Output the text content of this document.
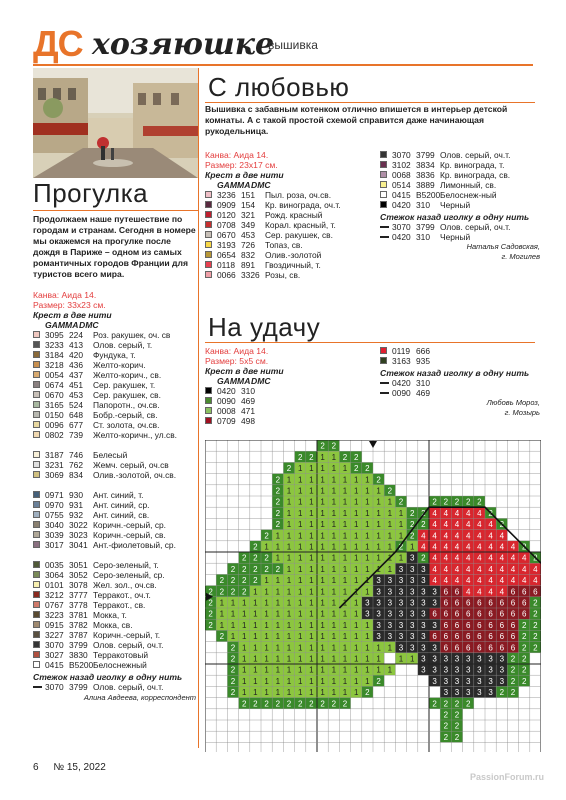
ДС хозяюшке
вышивка
Прогулка
Продолжаем наше путешествие по городам и странам. Сегодня в номере мы окажемся на прогулке после дождя в Париже – одном из самых романтичных городов Франции для туристов всего мира.
Канва: Аида 14.
Размер: 33х23 см.
Крест в две нити
GAMMA DMC
3095 224	Роз. ракушек, оч. св
3233 413	Олов. серый, т.
3184 420	Фундука, т.
3218 436	Желто-корич.
0054 437	Желто-корич., св.
0674 451	Сер. ракушек, т.
0670 453	Сер. ракушек, св.
3165 524	Папоротн., оч.св.
0150 648	Бобр.-серый, св.
0096 677	Ст. золота, оч.св.
0802 739	Желто-коричн., ул.св.
3187 746	Белесый
3231 762	Жемч. серый, оч.св
3069 834	Олив.-золотой, оч.св.
0971 930	Ант. синий, т.
0970 931	Ант. синий, ср.
0755 932	Ант. синий, св.
3040 3022 Коричн.-серый, ср.
3039 3023 Коричн.-серый, св.
3017 3041 Ант.-фиолетовый, ср.
0035 3051 Серо-зеленый, т.
3064 3052 Серо-зеленый, ср.
0101 3078 Жел. зол., оч.св.
3212 3777 Терракот., оч.т.
0767 3778 Терракот., св.
3223 3781 Мокка, т.
0915 3782 Мокка, св.
3227 3787 Коричн.-серый, т.
3070 3799 Олов. серый, оч.т.
3027 3830 Терракотовый
0415 B5200 Белоснежный
Стежок назад иголку в одну нить
3070 3799 Олов. серый, оч.т.
Алина Авдеева, корреспондент
С любовью
Вышивка с забавным котенком отлично впишется в интерьер детской комнаты. А с такой простой схемой справится даже начинающая рукодельница.
Канва: Аида 14.
Размер: 23х17 см.
Крест в две нити
GAMMA DMC
3236 151	Пыл. роза, оч.св.
0909 154	Кр. винограда, оч.т.
0120 321	Рожд. красный
0708 349	Корал. красный, т.
0670 453	Сер. ракушек, св.
3193 726	Топаз, св.
0654 832	Олив.-золотой
0118 891	Гвоздичный, т.
0066 3326 Розы, св.
3070 3799 Олов. серый, оч.т.
3102 3834 Кр. винограда, т.
0068 3836 Кр. винограда, св.
0514 3889 Лимонный, св.
0415 B5200 Белоснеж-ный
0420 310	Черный
Стежок назад иголку в одну нить
3070 3799 Олов. серый, оч.т.
0420 310	Черный
Наталья Садовская,
г. Могилев
На удачу
Канва: Аида 14.
Размер: 5х5 см.
Крест в две нити
GAMMA DMC
0420 310
0090 469
0008 471
0709 498
0119 666
3163 935
Стежок назад иголку в одну нить
0420 310
0090 469
Любовь Мороз,
г. Мозырь
2 2
2 2 1 1 2 2
2 1 1 1 1 1 2 2
2 1 1 1 1 1 1 1 1 2
2 1 1 1 1 1 1 1 1 1 2
2 1 1 1 1 1 1 1 1 1 1 2	2 2 2 2 2
2 1 1 1 1 1 1 1 1 1 1 1 2 2 4 4 4 4 4 2
2 1 1 1 1 1 1 1 1 1 1 1 2 2 4 4 4 4 4 4 2
2 1 1 1 1 1 1 1 1 1 1 1 1 2 4 4 4 4 4 4 4 4
2 1 1 1 1 1 1 1 1 1 1 1 1 2 1 4 4 4 4 4 4 4 4 4 2
2 2 2 1 1 1 1 1 1 1 1 1 1 1 1 3 2 4 4 4 4 4 4 4 4 4 2
2 2 2 2 2 1 1 1 1 1 1 1 1 1 1 3 3 3 4 4 4 4 4 4 4 4 4 4
2 2 2 2 1 1 1 1 1 1 1 1 1 1 3 3 3 3 3 4 4 4 4 4 4 4 4 4 4
2 2 2 2 1 1 1 1 1 1 1 1 1 1 1 3 3 3 3 3 3 6 6 4 4 4 4 6 6 6
2 1 1 1 1 1 1 1 1 1 1 1 1 1 3 3 3 3 3 3 3 6 6 6 6 6 6 6 6 2
2 1 1 1 1 1 1 1 1 1 1 1 1 1 3 3 3 3 3 3 6 6 6 6 6 6 6 6 6 2
2 1 1 1 1 1 1 1 1 1 1 1 1 1 1 3 3 3 3 3 3 6 6 6 6 6 6 6 2 2
2 1 1 1 1 1 1 1 1 1 1 1 1 1 3 3 3 3 3 6 6 6 6 6 6 6 6 2 2
2 1 1 1 1 1 1 1 1 1 1 1 1 1 1 3 3 3 3 6 6 6 6 6 6 6 2 2
2 1 1 1 1 1 1 1 1 1 1 1 1 1 1 1 3 3 3 3 3 3 3 3 2 2
2 1 1 1 1 1 1 1 1 1 1 1 1 1 1	3 3 3 3 3 3 3 3 2 2
2 1 1 1 1 1 1 1 1 1 1 1 1 2	3 3 3 3 3 3 3 2 2
2 1 1 1 1 1 1 1 1 1 1 1 2	3 3 3 3 3 2 2
2 2 2 2 2 2 2 2 2 2	2 2 2 2
2 2
2 2
2 2
6 № 15, 2022
PassionForum.ru
